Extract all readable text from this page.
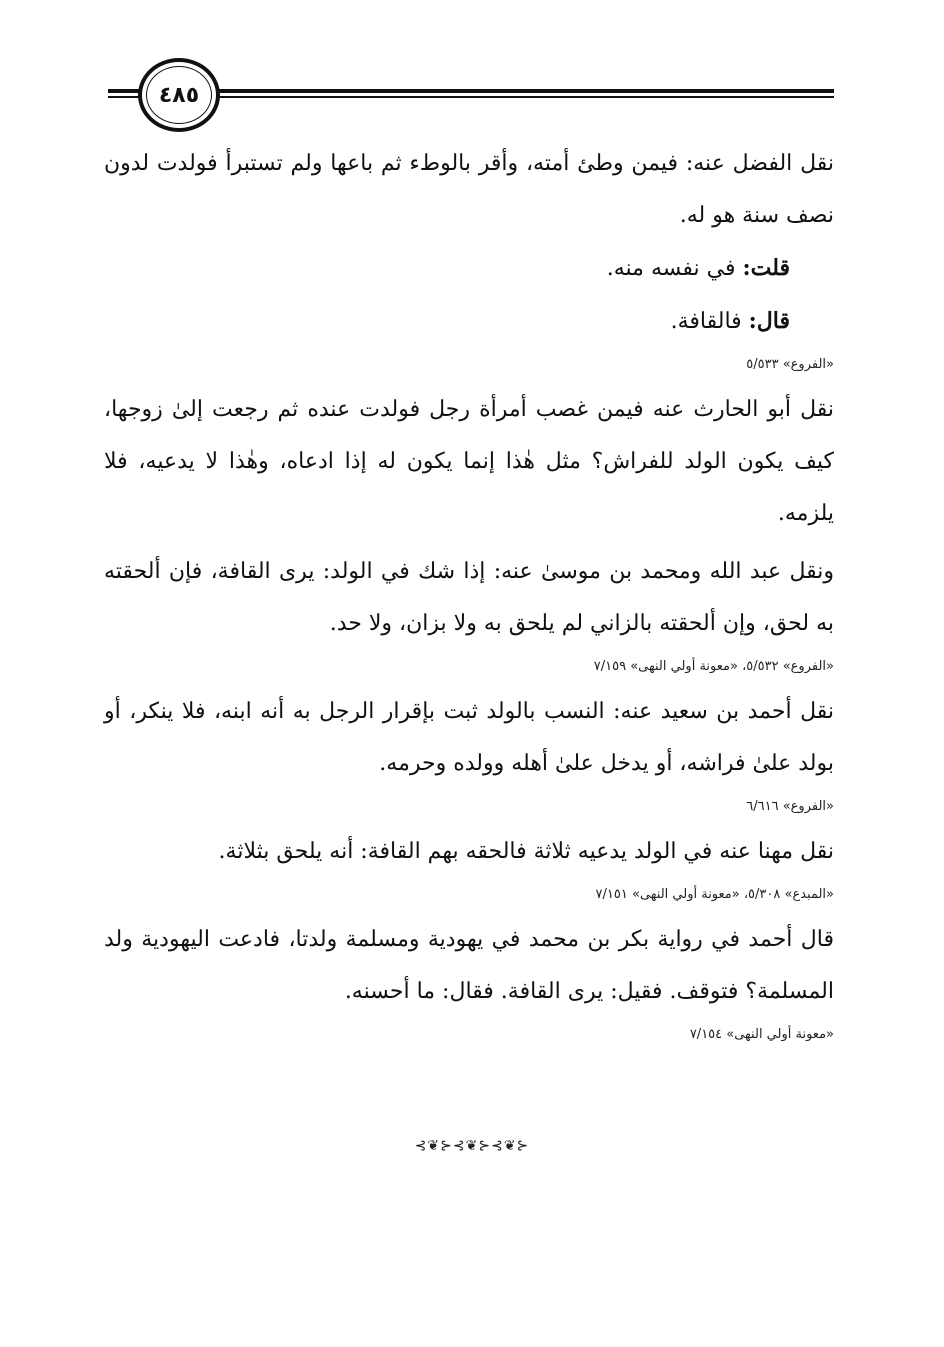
٤٨٥

نقل الفضل عنه: فيمن وطئ أمته، وأقر بالوطء ثم باعها ولم تستبرأ فولدت لدون نصف سنة هو له.

قلت: في نفسه منه.

قال: فالقافة.

«الفروع» ٥/٥٣٣

نقل أبو الحارث عنه فيمن غصب أمرأة رجل فولدت عنده ثم رجعت إلىٰ زوجها، كيف يكون الولد للفراش؟ مثل هٰذا إنما يكون له إذا ادعاه، وهٰذا لا يدعيه، فلا يلزمه.

ونقل عبد الله ومحمد بن موسىٰ عنه: إذا شك في الولد: يرى القافة، فإن ألحقته به لحق، وإن ألحقته بالزاني لم يلحق به ولا بزان، ولا حد.

«الفروع» ٥/٥٣٢، «معونة أولي النهى» ٧/١٥٩

نقل أحمد بن سعيد عنه: النسب بالولد ثبت بإقرار الرجل به أنه ابنه، فلا ينكر، أو بولد علىٰ فراشه، أو يدخل علىٰ أهله وولده وحرمه.

«الفروع» ٦/٦١٦

نقل مهنا عنه في الولد يدعيه ثلاثة فالحقه بهم القافة: أنه يلحق بثلاثة.

«المبدع» ٥/٣٠٨، «معونة أولي النهى» ٧/١٥١

قال أحمد في رواية بكر بن محمد في يهودية ومسلمة ولدتا، فادعت اليهودية ولد المسلمة؟ فتوقف. فقيل: يرى القافة. فقال: ما أحسنه.

«معونة أولي النهى» ٧/١٥٤
⊰❦⊱⊰❦⊱⊰❦⊱
